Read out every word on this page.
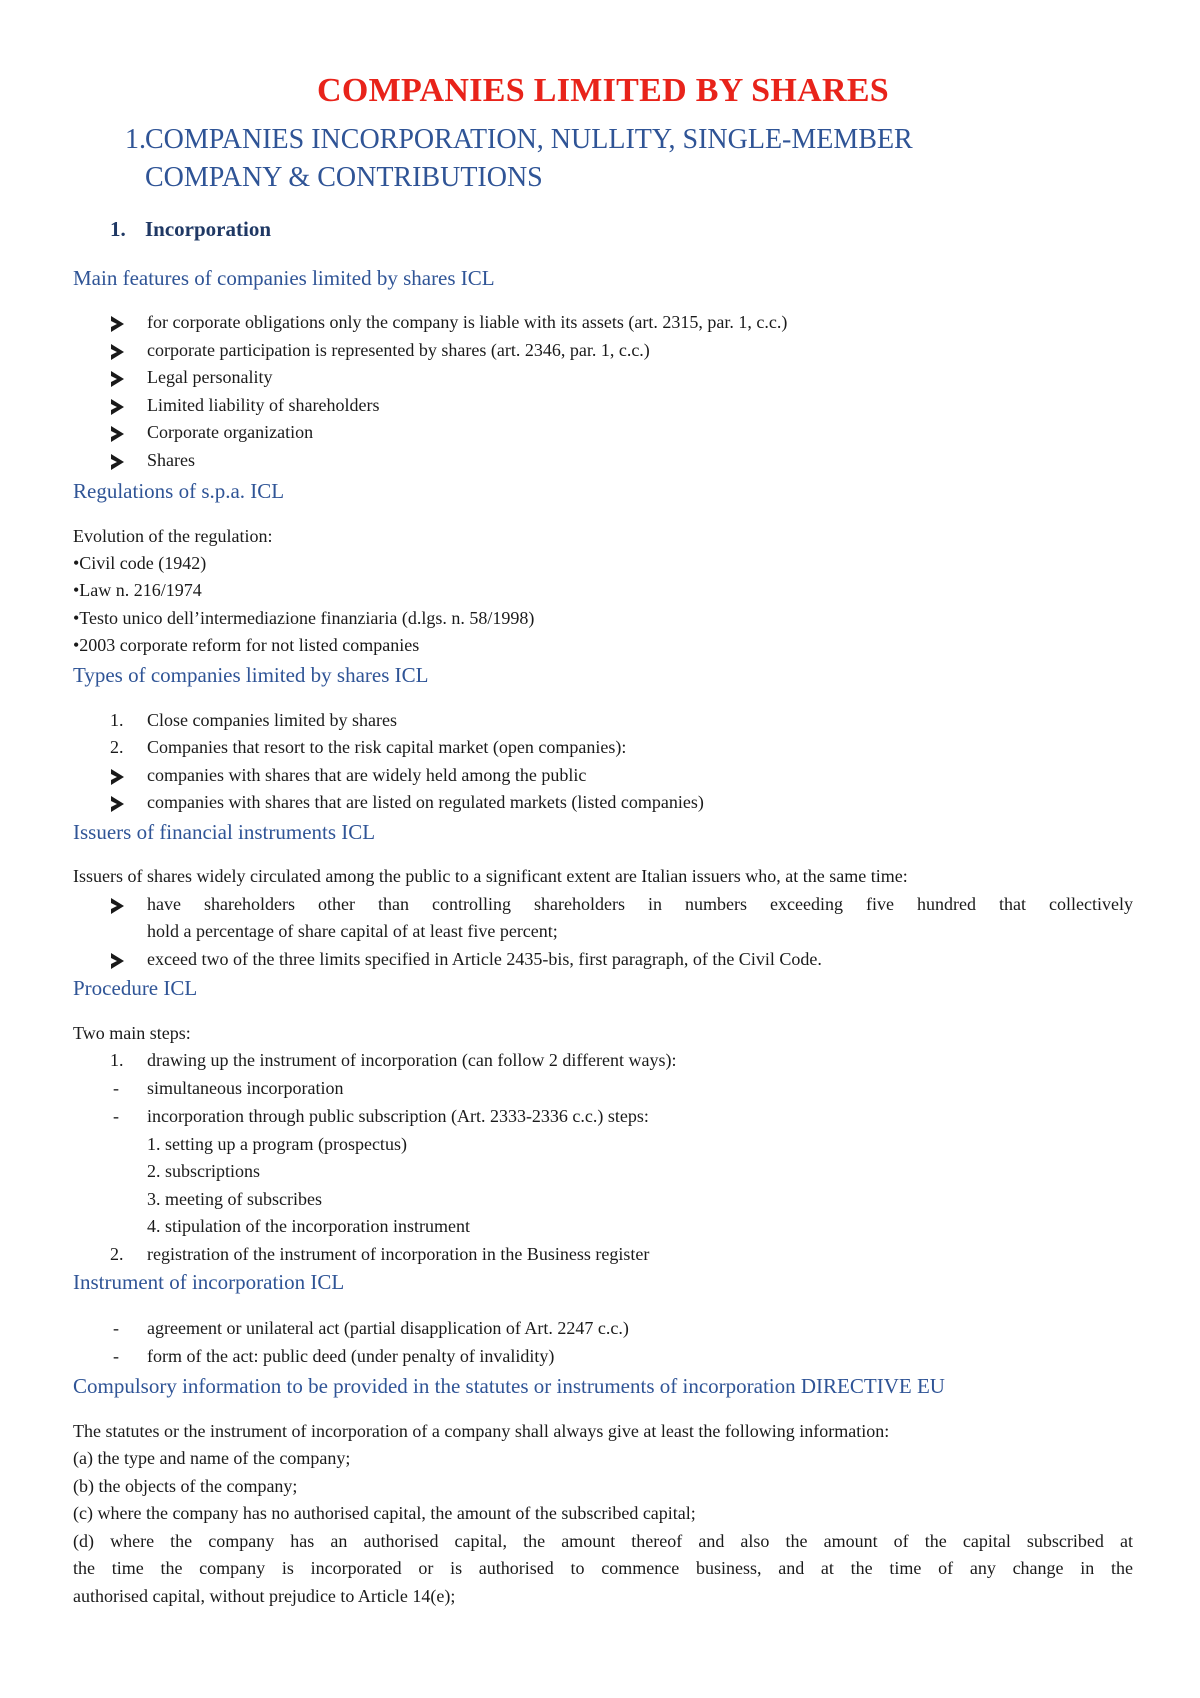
COMPANIES LIMITED BY SHARES
1. COMPANIES INCORPORATION, NULLITY, SINGLE-MEMBER
COMPANY & CONTRIBUTIONS
1. Incorporation
Main features of companies limited by shares ICL
for corporate obligations only the company is liable with its assets (art. 2315, par. 1, c.c.)
corporate participation is represented by shares (art. 2346, par. 1, c.c.)
Legal personality
Limited liability of shareholders
Corporate organization
Shares
Regulations of s.p.a. ICL
Evolution of the regulation:
•Civil code (1942)
•Law n. 216/1974
•Testo unico dell’intermediazione finanziaria (d.lgs. n. 58/1998)
•2003 corporate reform for not listed companies
Types of companies limited by shares ICL
1. Close companies limited by shares
2. Companies that resort to the risk capital market (open companies):
companies with shares that are widely held among the public
companies with shares that are listed on regulated markets (listed companies)
Issuers of financial instruments ICL
Issuers of shares widely circulated among the public to a significant extent are Italian issuers who, at the same time:
have shareholders other than controlling shareholders in numbers exceeding five hundred that collectively
hold a percentage of share capital of at least five percent;
exceed two of the three limits specified in Article 2435-bis, first paragraph, of the Civil Code.
Procedure ICL
Two main steps:
1. drawing up the instrument of incorporation (can follow 2 different ways):
- simultaneous incorporation
- incorporation through public subscription (Art. 2333-2336 c.c.) steps:
1. setting up a program (prospectus)
2. subscriptions
3. meeting of subscribes
4. stipulation of the incorporation instrument
2. registration of the instrument of incorporation in the Business register
Instrument of incorporation ICL
- agreement or unilateral act (partial disapplication of Art. 2247 c.c.)
- form of the act: public deed (under penalty of invalidity)
Compulsory information to be provided in the statutes or instruments of incorporation DIRECTIVE EU
The statutes or the instrument of incorporation of a company shall always give at least the following information:
(a) the type and name of the company;
(b) the objects of the company;
(c) where the company has no authorised capital, the amount of the subscribed capital;
(d) where the company has an authorised capital, the amount thereof and also the amount of the capital subscribed at
the time the company is incorporated or is authorised to commence business, and at the time of any change in the
authorised capital, without prejudice to Article 14(e);
